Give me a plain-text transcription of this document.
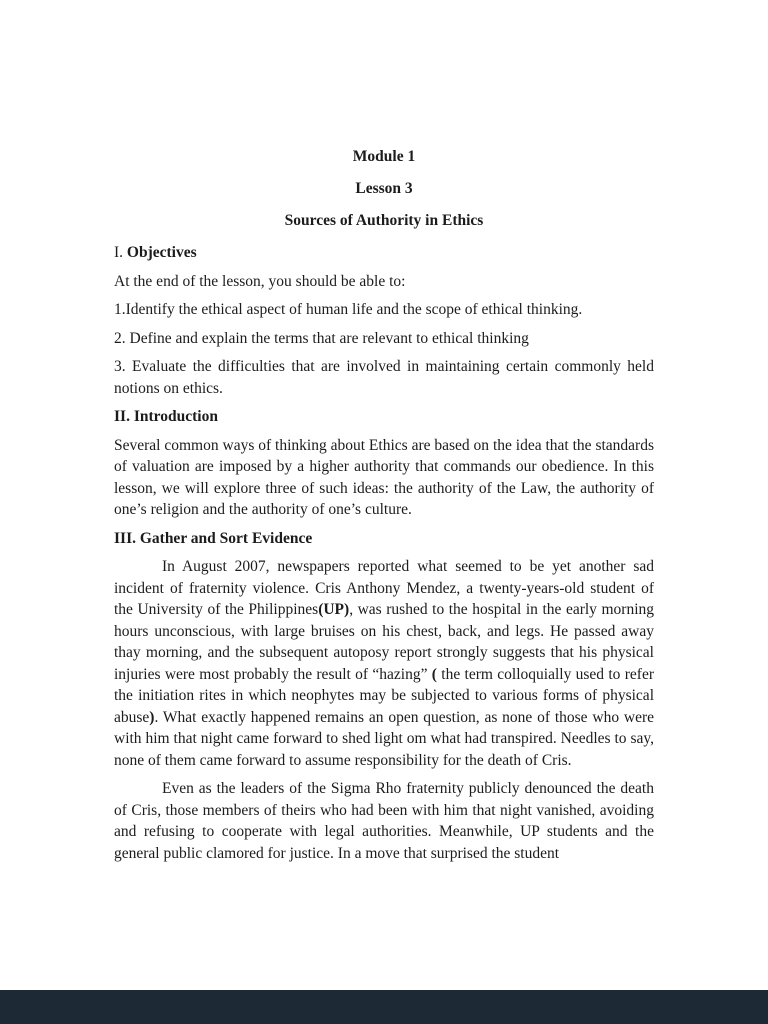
Module 1

Lesson 3

Sources of Authority in Ethics

I. Objectives

At the end of the lesson, you should be able to:

1.Identify the ethical aspect of human life and the scope of ethical thinking.

2. Define and explain the terms that are relevant to ethical thinking

3. Evaluate the difficulties that are involved in maintaining certain commonly held notions on ethics.

II. Introduction

Several common ways of thinking about Ethics are based on the idea that the standards of valuation are imposed by a higher authority that commands our obedience. In this lesson, we will explore three of such ideas: the authority of the Law, the authority of one’s religion and the authority of one’s culture.

III. Gather and Sort Evidence

In August 2007, newspapers reported what seemed to be yet another sad incident of fraternity violence. Cris Anthony Mendez, a twenty-years-old student of the University of the Philippines(UP), was rushed to the hospital in the early morning hours unconscious, with large bruises on his chest, back, and legs. He passed away thay morning, and the subsequent autoposy report strongly suggests that his physical injuries were most probably the result of “hazing” ( the term colloquially used to refer the initiation rites in which neophytes may be subjected to various forms of physical abuse). What exactly happened remains an open question, as none of those who were with him that night came forward to shed light om what had transpired. Needles to say, none of them came forward to assume responsibility for the death of Cris.

Even as the leaders of the Sigma Rho fraternity publicly denounced the death of Cris, those members of theirs who had been with him that night vanished, avoiding and refusing to cooperate with legal authorities. Meanwhile, UP students and the general public clamored for justice. In a move that surprised the student
